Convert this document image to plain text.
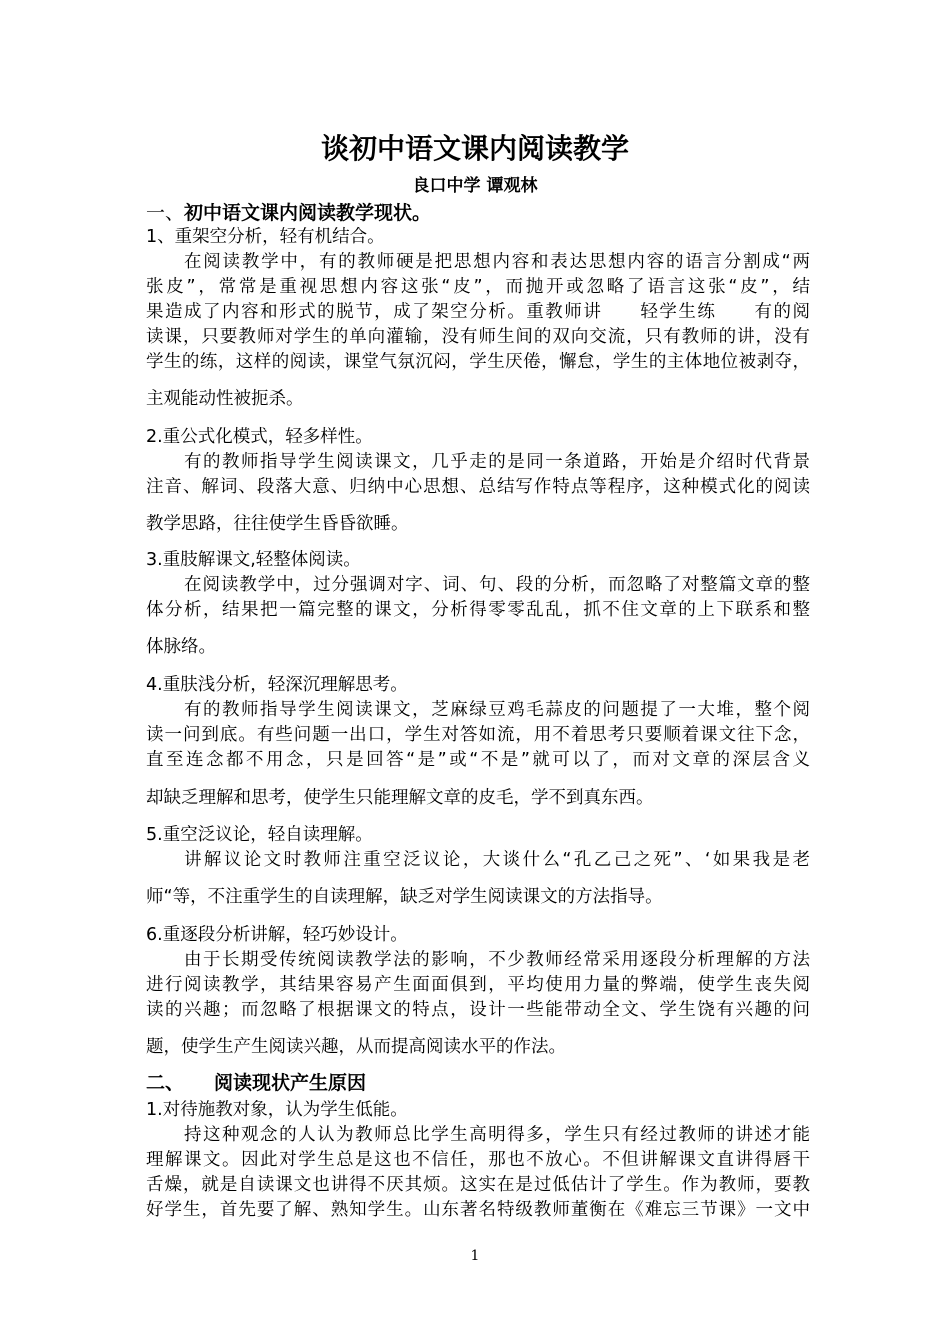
谈初中语文课内阅读教学
良口中学 谭观林
一、初中语文课内阅读教学现状。
1、重架空分析，轻有机结合。
在阅读教学中，有的教师硬是把思想内容和表达思想内容的语言分割成“两
张皮”，常常是重视思想内容这张“皮”，而抛开或忽略了语言这张“皮”，结
果造成了内容和形式的脱节，成了架空分析。重教师讲　　轻学生练　　有的阅
读课，只要教师对学生的单向灌输，没有师生间的双向交流，只有教师的讲，没有
学生的练，这样的阅读，课堂气氛沉闷，学生厌倦，懈怠，学生的主体地位被剥夺，
主观能动性被扼杀。
2.重公式化模式，轻多样性。
有的教师指导学生阅读课文，几乎走的是同一条道路，开始是介绍时代背景
注音、解词、段落大意、归纳中心思想、总结写作特点等程序，这种模式化的阅读
教学思路，往往使学生昏昏欲睡。
3.重肢解课文,轻整体阅读。
在阅读教学中，过分强调对字、词、句、段的分析，而忽略了对整篇文章的整
体分析，结果把一篇完整的课文，分析得零零乱乱，抓不住文章的上下联系和整
体脉络。
4.重肤浅分析，轻深沉理解思考。
有的教师指导学生阅读课文，芝麻绿豆鸡毛蒜皮的问题提了一大堆，整个阅
读一问到底。有些问题一出口，学生对答如流，用不着思考只要顺着课文往下念，
直至连念都不用念，只是回答“是”或“不是”就可以了，而对文章的深层含义
却缺乏理解和思考，使学生只能理解文章的皮毛，学不到真东西。
5.重空泛议论，轻自读理解。
讲解议论文时教师注重空泛议论，大谈什么“孔乙己之死”、‘如果我是老
师“等，不注重学生的自读理解，缺乏对学生阅读课文的方法指导。
6.重逐段分析讲解，轻巧妙设计。
由于长期受传统阅读教学法的影响，不少教师经常采用逐段分析理解的方法
进行阅读教学，其结果容易产生面面俱到，平均使用力量的弊端，使学生丧失阅
读的兴趣；而忽略了根据课文的特点，设计一些能带动全文、学生饶有兴趣的问
题，使学生产生阅读兴趣，从而提高阅读水平的作法。
二、 阅读现状产生原因
1.对待施教对象，认为学生低能。
持这种观念的人认为教师总比学生高明得多，学生只有经过教师的讲述才能
理解课文。因此对学生总是这也不信任，那也不放心。不但讲解课文直讲得唇干
舌燥，就是自读课文也讲得不厌其烦。这实在是过低估计了学生。作为教师，要教
好学生，首先要了解、熟知学生。山东著名特级教师董衡在《难忘三节课》一文中
1
